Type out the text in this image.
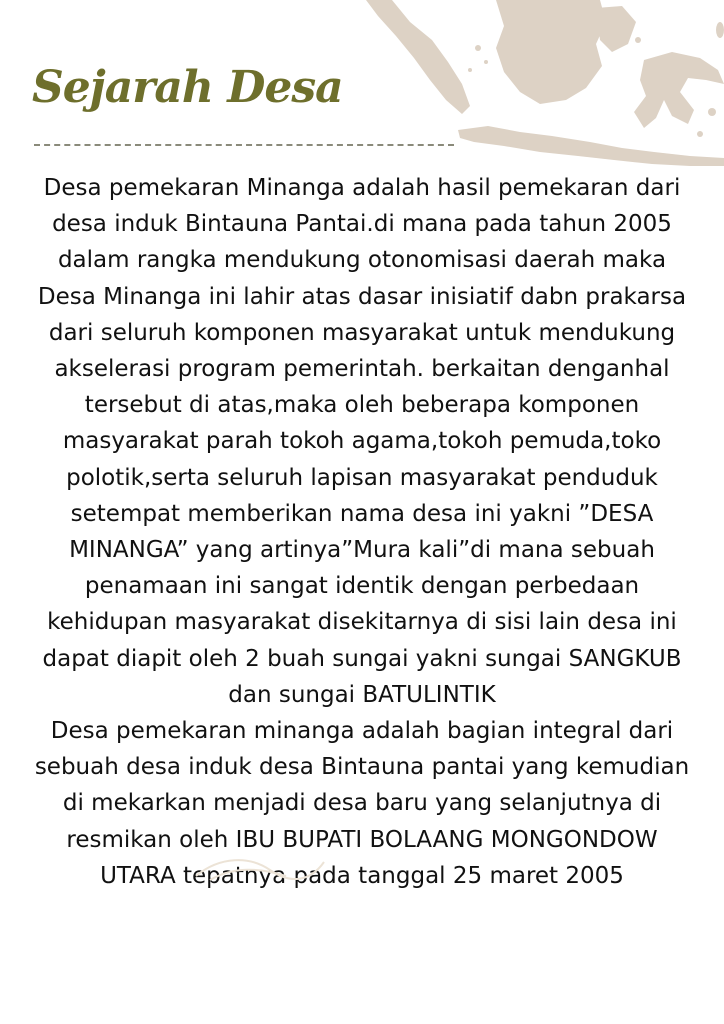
Sejarah Desa

Desa pemekaran Minanga adalah hasil pemekaran dari desa induk Bintauna Pantai.di mana pada tahun 2005 dalam rangka mendukung otonomisasi daerah maka Desa Minanga ini lahir atas dasar inisiatif dabn prakarsa dari seluruh komponen masyarakat untuk mendukung akselerasi program pemerintah. berkaitan denganhal tersebut di atas,maka oleh beberapa komponen masyarakat parah tokoh agama,tokoh pemuda,toko polotik,serta seluruh lapisan masyarakat penduduk setempat memberikan nama desa ini yakni ”DESA MINANGA” yang artinya”Mura kali”di mana sebuah penamaan ini sangat identik dengan perbedaan kehidupan masyarakat disekitarnya di sisi lain desa ini dapat diapit oleh 2 buah sungai yakni sungai SANGKUB dan sungai BATULINTIK

Desa pemekaran minanga adalah bagian integral dari sebuah desa induk desa Bintauna pantai yang kemudian di mekarkan menjadi desa baru yang selanjutnya di resmikan oleh IBU BUPATI BOLAANG MONGONDOW UTARA tepatnya pada tanggal 25 maret 2005
